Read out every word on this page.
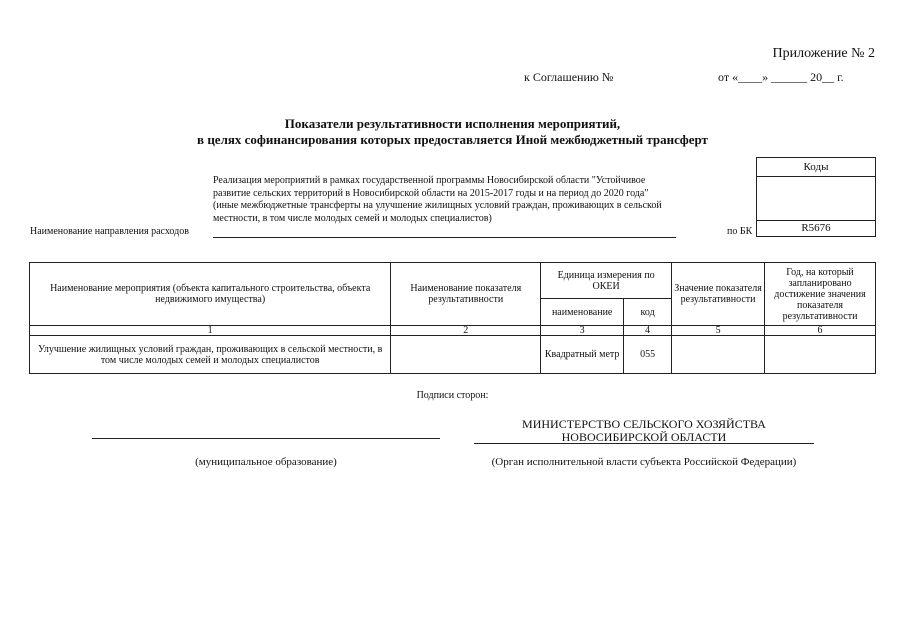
Приложение № 2
к Соглашению №	от «____» ______ 20__ г.
Показатели результативности исполнения мероприятий,
в целях софинансирования которых предоставляется Иной межбюджетный трансферт
Коды
R5676
Реализация мероприятий в рамках государственной программы Новосибирской области "Устойчивое развитие сельских территорий в Новосибирской области на 2015-2017 годы и на период до 2020 года" (иные межбюджетные трансферты на улучшение жилищных условий граждан, проживающих в сельской местности, в том числе молодых семей и молодых специалистов)
Наименование направления расходов	по БК
Наименование мероприятия (объекта капитального строительства, объекта недвижимого имущества)	Наименование показателя результативности	Единица измерения по ОКЕИ		Значение показателя результативности	Год, на который запланировано достижение значения показателя результативности
		наименование	код		
1	2	3	4	5	6
Улучшение жилищных условий граждан, проживающих в сельской местности, в том числе молодых семей и молодых специалистов		Квадратный метр	055		
Подписи сторон:
(муниципальное образование)
МИНИСТЕРСТВО СЕЛЬСКОГО ХОЗЯЙСТВА НОВОСИБИРСКОЙ ОБЛАСТИ
(Орган исполнительной власти субъекта Российской Федерации)
